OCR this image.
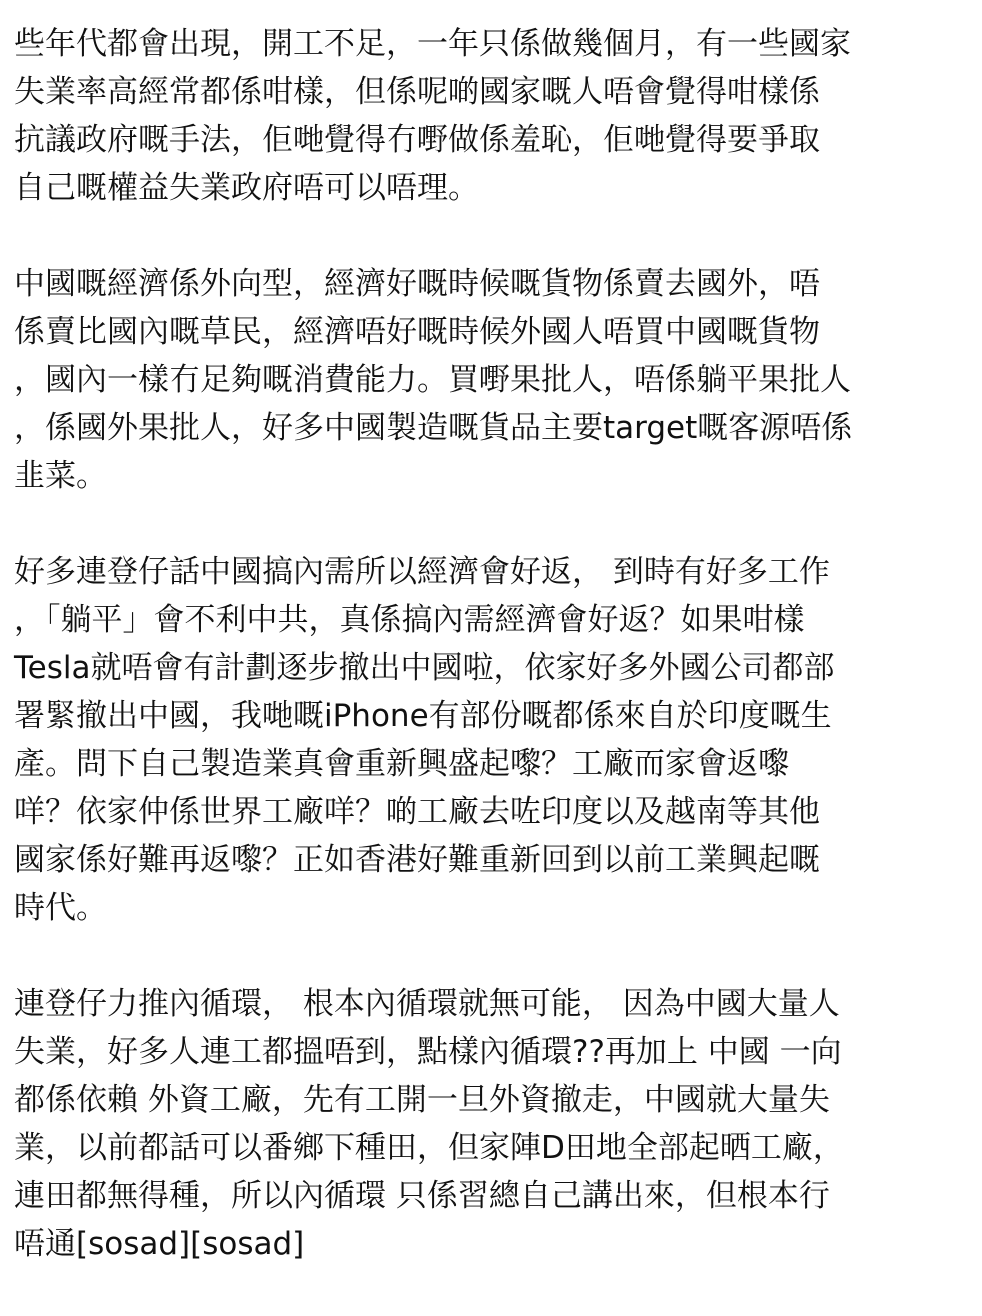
些年代都會出現，開工不足，一年只係做幾個月，有一些國家
失業率高經常都係咁樣，但係呢啲國家嘅人唔會覺得咁樣係
抗議政府嘅手法，佢哋覺得冇嘢做係羞恥，佢哋覺得要爭取
自己嘅權益失業政府唔可以唔理。
中國嘅經濟係外向型，經濟好嘅時候嘅貨物係賣去國外，唔
係賣比國內嘅草民，經濟唔好嘅時候外國人唔買中國嘅貨物
，國內一樣冇足夠嘅消費能力。買嘢果批人，唔係躺平果批人
，係國外果批人，好多中國製造嘅貨品主要target嘅客源唔係
韭菜。
好多連登仔話中國搞內需所以經濟會好返， 到時有好多工作
，「躺平」會不利中共，真係搞內需經濟會好返？如果咁樣
Tesla就唔會有計劃逐步撤出中國啦，依家好多外國公司都部
署緊撤出中國，我哋嘅iPhone有部份嘅都係來自於印度嘅生
產。問下自己製造業真會重新興盛起嚟？工廠而家會返嚟
咩？依家仲係世界工廠咩？啲工廠去咗印度以及越南等其他
國家係好難再返嚟？正如香港好難重新回到以前工業興起嘅
時代。
連登仔力推內循環， 根本內循環就無可能， 因為中國大量人
失業，好多人連工都搵唔到，點樣內循環??再加上 中國 一向
都係依賴 外資工廠，先有工開一旦外資撤走，中國就大量失
業，以前都話可以番鄉下種田，但家陣D田地全部起晒工廠，
連田都無得種，所以內循環 只係習總自己講出來，但根本行
唔通[sosad][sosad]
